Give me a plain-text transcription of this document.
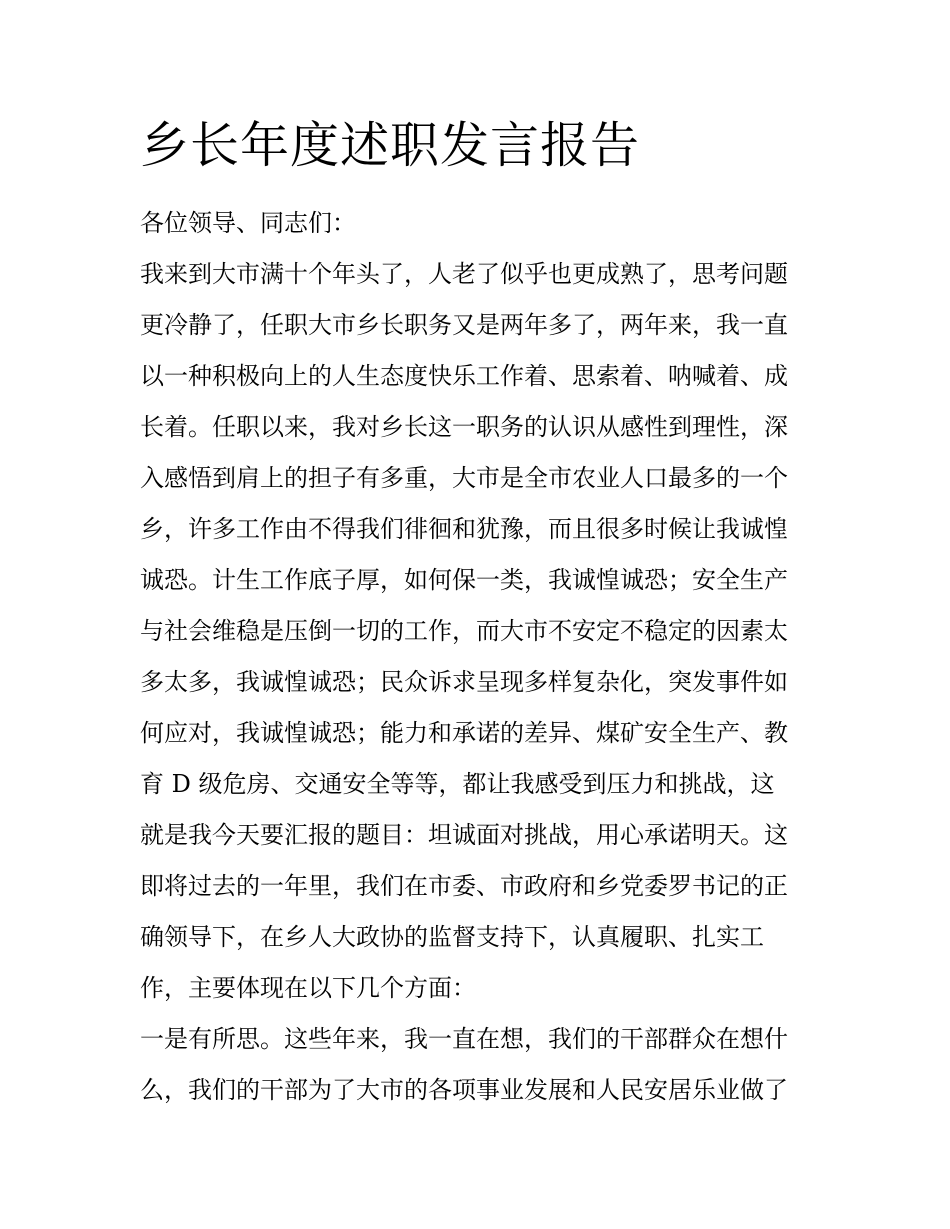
乡长年度述职发言报告
各位领导、同志们：
我来到大市满十个年头了，人老了似乎也更成熟了，思考问题
更冷静了，任职大市乡长职务又是两年多了，两年来，我一直
以一种积极向上的人生态度快乐工作着、思索着、呐喊着、成
长着。任职以来，我对乡长这一职务的认识从感性到理性，深
入感悟到肩上的担子有多重，大市是全市农业人口最多的一个
乡，许多工作由不得我们徘徊和犹豫，而且很多时候让我诚惶
诚恐。计生工作底子厚，如何保一类，我诚惶诚恐；安全生产
与社会维稳是压倒一切的工作，而大市不安定不稳定的因素太
多太多，我诚惶诚恐；民众诉求呈现多样复杂化，突发事件如
何应对，我诚惶诚恐；能力和承诺的差异、煤矿安全生产、教
育 D 级危房、交通安全等等，都让我感受到压力和挑战，这
就是我今天要汇报的题目：坦诚面对挑战，用心承诺明天。这
即将过去的一年里，我们在市委、市政府和乡党委罗书记的正
确领导下，在乡人大政协的监督支持下，认真履职、扎实工
作，主要体现在以下几个方面：
一是有所思。这些年来，我一直在想，我们的干部群众在想什
么，我们的干部为了大市的各项事业发展和人民安居乐业做了
